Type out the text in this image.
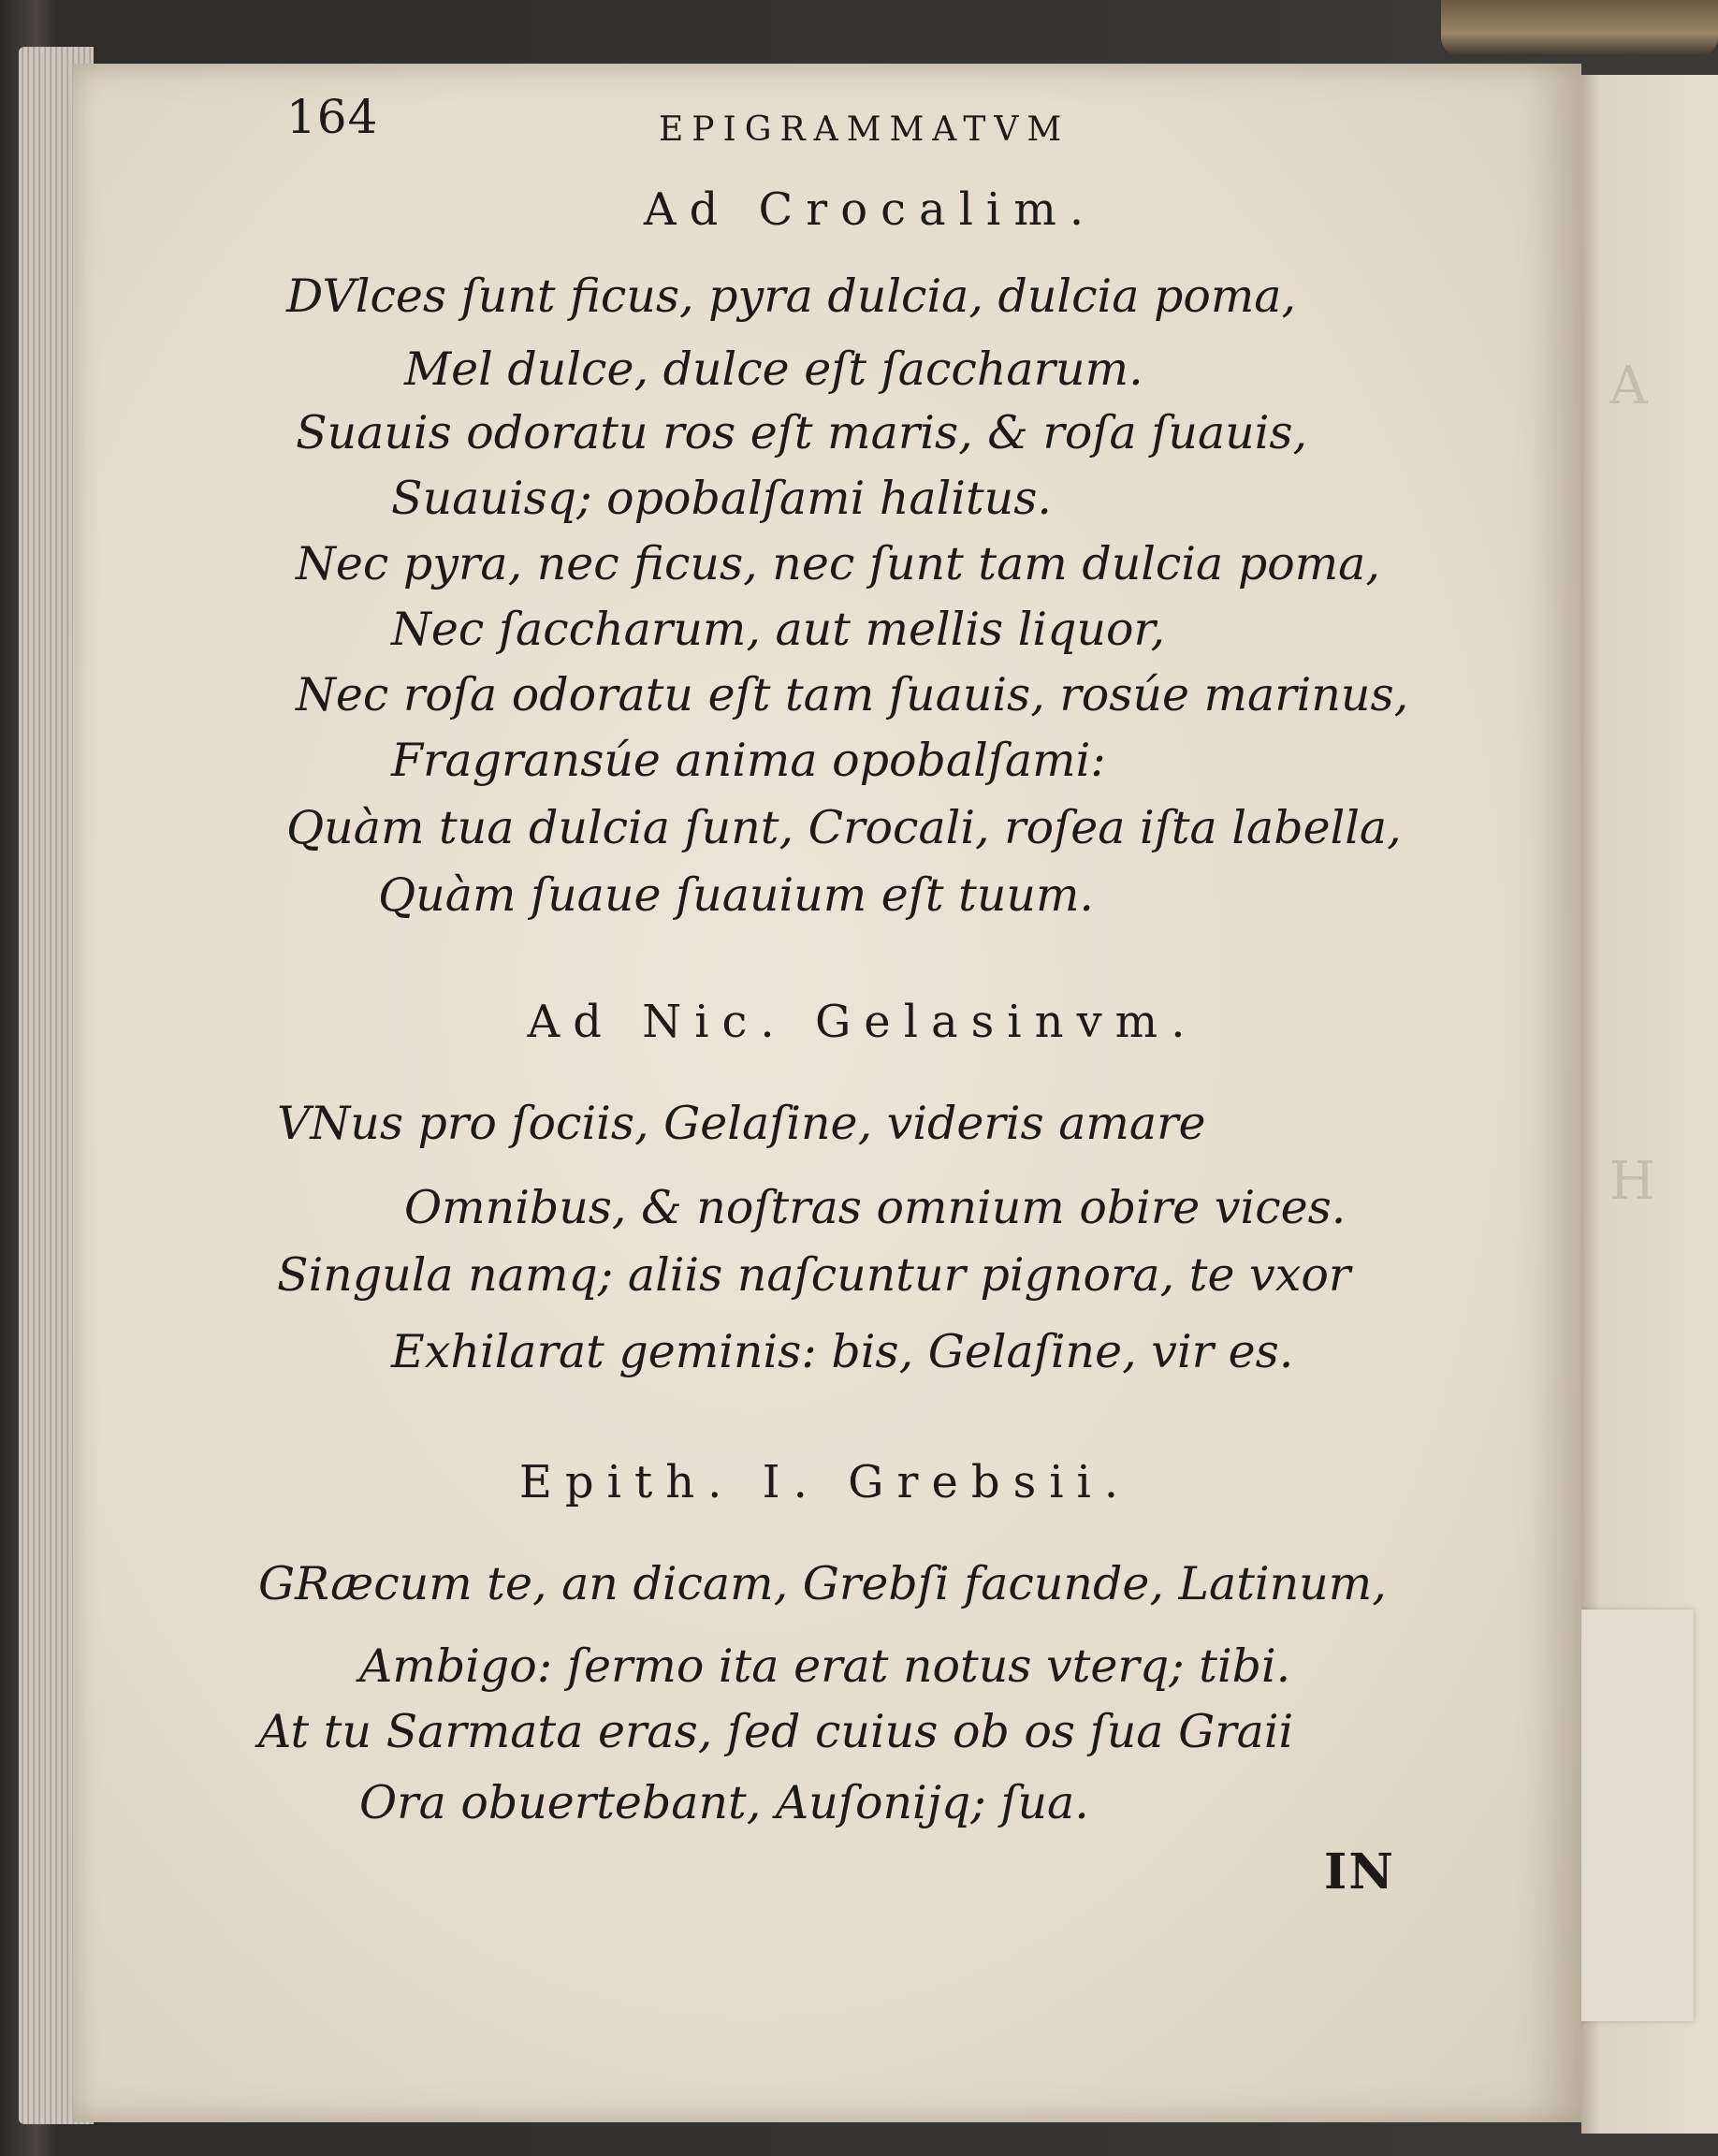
A
H
164	EPIGRAMMATVM
Ad Crocalim.
DVlces ſunt ficus, pyra dulcia, dulcia poma,
Mel dulce, dulce eſt ſaccharum.
Suauis odoratu ros eſt maris, & roſa ſuauis,
Suauisq; opobalſami halitus.
Nec pyra, nec ficus, nec ſunt tam dulcia poma,
Nec ſaccharum, aut mellis liquor,
Nec roſa odoratu eſt tam ſuauis, rosúe marinus,
Fragransúe anima opobalſami:
Quàm tua dulcia ſunt, Crocali, roſea iſta labella,
Quàm ſuaue ſuauium eſt tuum.
Ad Nic. Gelasinvm.
VNus pro ſociis, Gelaſine, videris amare
Omnibus, & noſtras omnium obire vices.
Singula namq; aliis naſcuntur pignora, te vxor
Exhilarat geminis: bis, Gelaſine, vir es.
Epith. I. Grebsii.
GRæcum te, an dicam, Grebſi facunde, Latinum,
Ambigo: ſermo ita erat notus vterq; tibi.
At tu Sarmata eras, ſed cuius ob os ſua Graii
Ora obuertebant, Auſonijq; ſua.
IN
